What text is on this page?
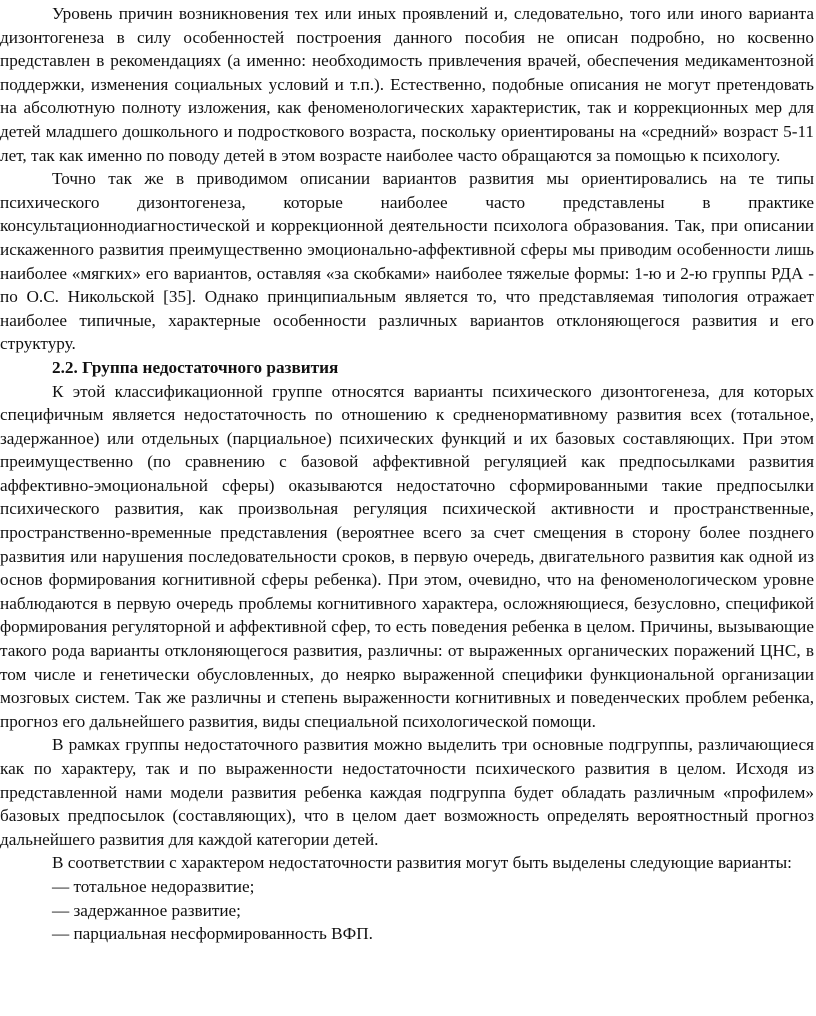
Уровень причин возникновения тех или иных проявлений и, следовательно, того или иного варианта дизонтогенеза в силу особенностей построения данного пособия не описан подробно, но косвенно представлен в рекомендациях (а именно: необходимость привлечения врачей, обеспечения медикаментозной поддержки, изменения социальных условий и т.п.). Естественно, подобные описания не могут претендовать на абсолютную полноту изложения, как феноменологических характеристик, так и коррекционных мер для детей младшего дошкольного и подросткового возраста, поскольку ориентированы на «средний» возраст 5-11 лет, так как именно по поводу детей в этом возрасте наиболее часто обращаются за помощью к психологу.

Точно так же в приводимом описании вариантов развития мы ориентировались на те типы психического дизонтогенеза, которые наиболее часто представлены в практике консультационнодиагностической и коррекционной деятельности психолога образования. Так, при описании искаженного развития преимущественно эмоционально-аффективной сферы мы приводим особенности лишь наиболее «мягких» его вариантов, оставляя «за скобками» наиболее тяжелые формы: 1-ю и 2-ю группы РДА - по О.С. Никольской [35]. Однако принципиальным является то, что представляемая типология отражает наиболее типичные, характерные особенности различных вариантов отклоняющегося развития и его структуру.

2.2. Группа недостаточного развития

К этой классификационной группе относятся варианты психического дизонтогенеза, для которых специфичным является недостаточность по отношению к средненормативному развития всех (тотальное, задержанное) или отдельных (парциальное) психических функций и их базовых составляющих. При этом преимущественно (по сравнению с базовой аффективной регуляцией как предпосылками развития аффективно-эмоциональной сферы) оказываются недостаточно сформированными такие предпосылки психического развития, как произвольная регуляция психической активности и пространственные, пространственно-временные представления (вероятнее всего за счет смещения в сторону более позднего развития или нарушения последовательности сроков, в первую очередь, двигательного развития как одной из основ формирования когнитивной сферы ребенка). При этом, очевидно, что на феноменологическом уровне наблюдаются в первую очередь проблемы когнитивного характера, осложняющиеся, безусловно, спецификой формирования регуляторной и аффективной сфер, то есть поведения ребенка в целом. Причины, вызывающие такого рода варианты отклоняющегося развития, различны: от выраженных органических поражений ЦНС, в том числе и генетически обусловленных, до неярко выраженной специфики функциональной организации мозговых систем. Так же различны и степень выраженности когнитивных и поведенческих проблем ребенка, прогноз его дальнейшего развития, виды специальной психологической помощи.

В рамках группы недостаточного развития можно выделить три основные подгруппы, различающиеся как по характеру, так и по выраженности недостаточности психического развития в целом. Исходя из представленной нами модели развития ребенка каждая подгруппа будет обладать различным «профилем» базовых предпосылок (составляющих), что в целом дает возможность определять вероятностный прогноз дальнейшего развития для каждой категории детей.

В соответствии с характером недостаточности развития могут быть выделены следующие варианты:

— тотальное недоразвитие;
— задержанное развитие;
— парциальная несформированность ВФП.
